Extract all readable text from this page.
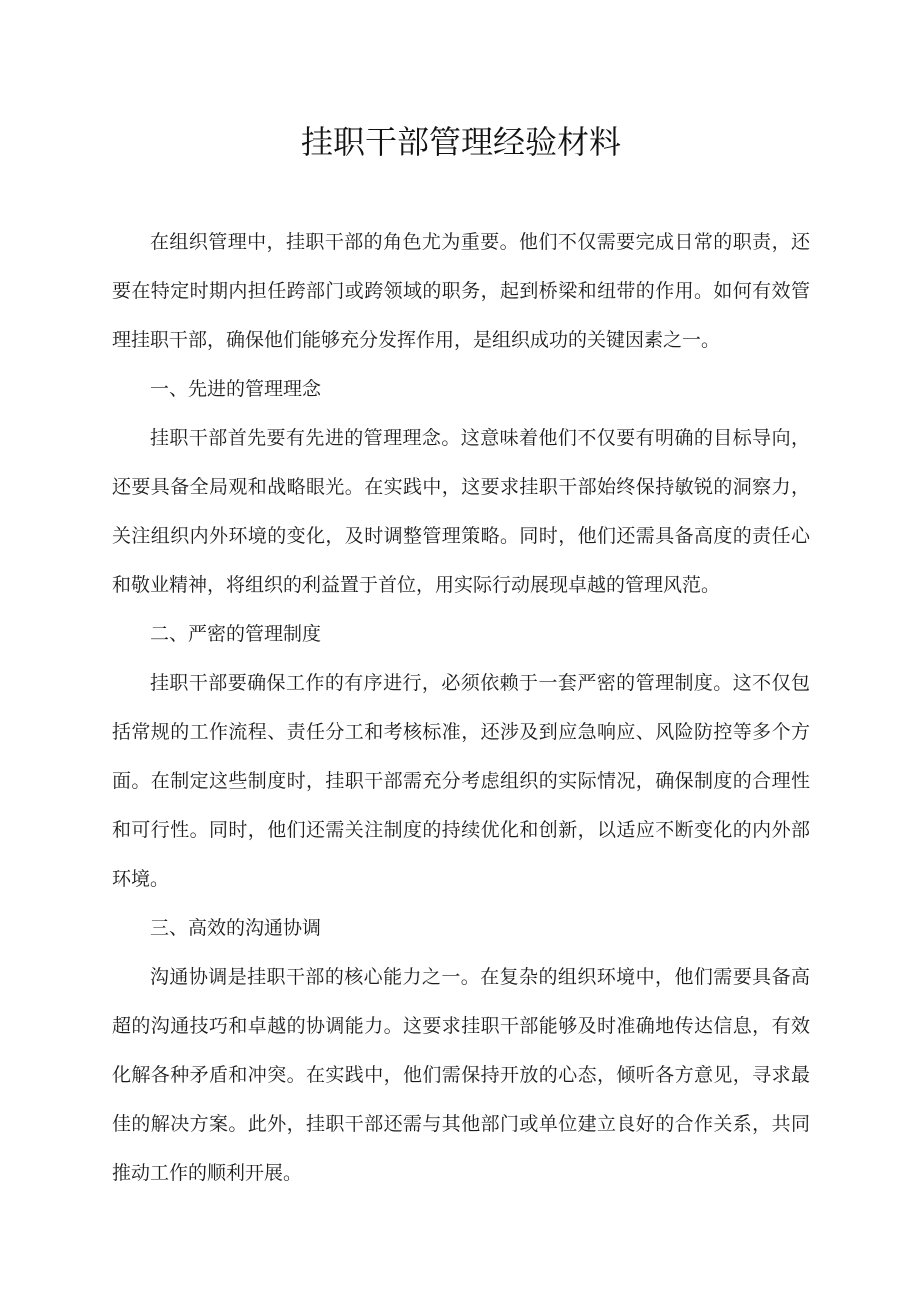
挂职干部管理经验材料

在组织管理中，挂职干部的角色尤为重要。他们不仅需要完成日常的职责，还要在特定时期内担任跨部门或跨领域的职务，起到桥梁和纽带的作用。如何有效管理挂职干部，确保他们能够充分发挥作用，是组织成功的关键因素之一。

一、先进的管理理念

挂职干部首先要有先进的管理理念。这意味着他们不仅要有明确的目标导向，还要具备全局观和战略眼光。在实践中，这要求挂职干部始终保持敏锐的洞察力，关注组织内外环境的变化，及时调整管理策略。同时，他们还需具备高度的责任心和敬业精神，将组织的利益置于首位，用实际行动展现卓越的管理风范。

二、严密的管理制度

挂职干部要确保工作的有序进行，必须依赖于一套严密的管理制度。这不仅包括常规的工作流程、责任分工和考核标准，还涉及到应急响应、风险防控等多个方面。在制定这些制度时，挂职干部需充分考虑组织的实际情况，确保制度的合理性和可行性。同时，他们还需关注制度的持续优化和创新，以适应不断变化的内外部环境。

三、高效的沟通协调

沟通协调是挂职干部的核心能力之一。在复杂的组织环境中，他们需要具备高超的沟通技巧和卓越的协调能力。这要求挂职干部能够及时准确地传达信息，有效化解各种矛盾和冲突。在实践中，他们需保持开放的心态，倾听各方意见，寻求最佳的解决方案。此外，挂职干部还需与其他部门或单位建立良好的合作关系，共同推动工作的顺利开展。
